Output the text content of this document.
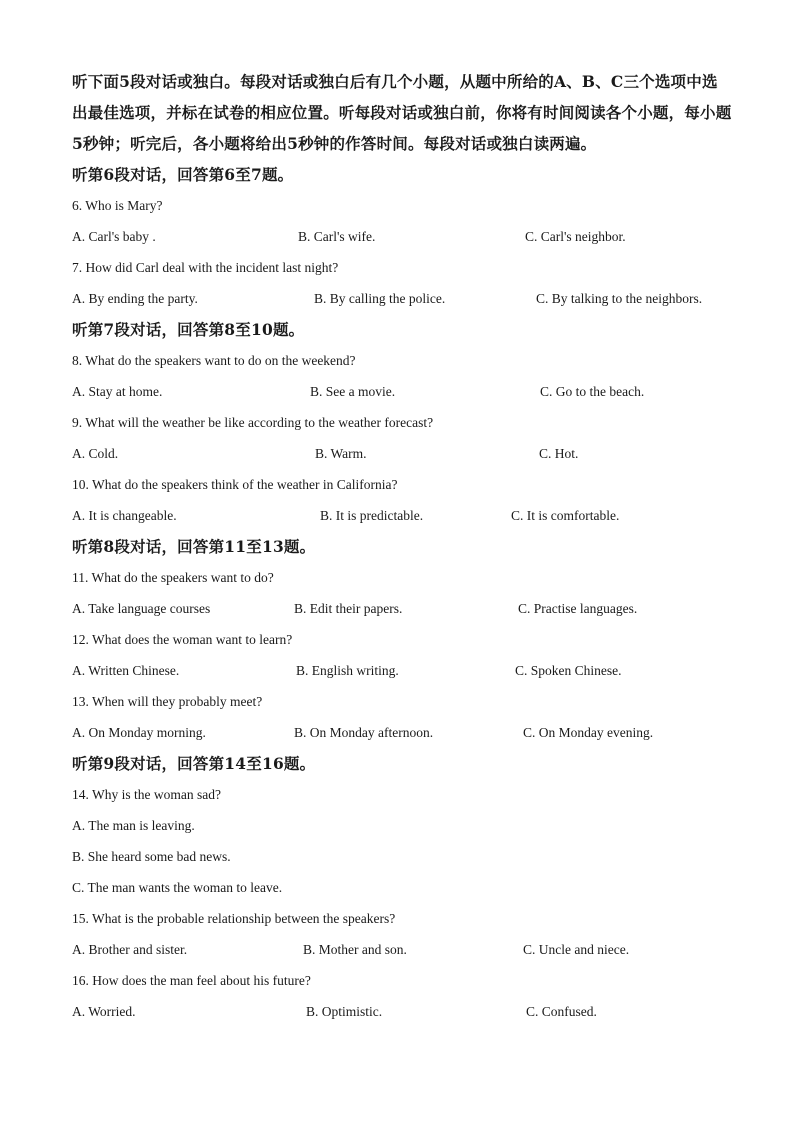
听下面5段对话或独白。每段对话或独白后有几个小题，从题中所给的A、B、C三个选项中选出最佳选项，并标在试卷的相应位置。听每段对话或独白前，你将有时间阅读各个小题，每小题5秒钟；听完后，各小题将给出5秒钟的作答时间。每段对话或独白读两遍。

听第6段对话，回答第6至7题。
6. Who is Mary?
A. Carl's baby .	B. Carl's wife.	C. Carl's neighbor.
7. How did Carl deal with the incident last night?
A. By ending the party.	B. By calling the police.	C. By talking to the neighbors.
听第7段对话，回答第8至10题。
8. What do the speakers want to do on the weekend?
A. Stay at home.	B. See a movie.	C. Go to the beach.
9. What will the weather be like according to the weather forecast?
A. Cold.	B. Warm.	C. Hot.
10. What do the speakers think of the weather in California?
A. It is changeable.	B. It is predictable.	C. It is comfortable.
听第8段对话，回答第11至13题。
11. What do the speakers want to do?
A. Take language courses	B. Edit their papers.	C. Practise languages.
12. What does the woman want to learn?
A. Written Chinese.	B. English writing.	C. Spoken Chinese.
13. When will they probably meet?
A. On Monday morning.	B. On Monday afternoon.	C. On Monday evening.
听第9段对话，回答第14至16题。
14. Why is the woman sad?
A. The man is leaving.
B. She heard some bad news.
C. The man wants the woman to leave.
15. What is the probable relationship between the speakers?
A. Brother and sister.	B. Mother and son.	C. Uncle and niece.
16. How does the man feel about his future?
A. Worried.	B. Optimistic.	C. Confused.
